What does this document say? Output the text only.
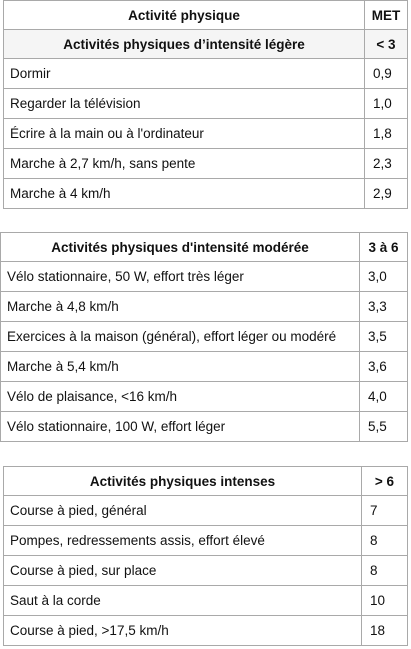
Activité physique	MET
Activités physiques d’intensité légère	< 3
Dormir	0,9
Regarder la télévision	1,0
Écrire à la main ou à l'ordinateur	1,8
Marche à 2,7 km/h, sans pente	2,3
Marche à 4 km/h	2,9
Activités physiques d'intensité modérée	3 à 6
Vélo stationnaire, 50 W, effort très léger	3,0
Marche à 4,8 km/h	3,3
Exercices à la maison (général), effort léger ou modéré	3,5
Marche à 5,4 km/h	3,6
Vélo de plaisance, <16 km/h	4,0
Vélo stationnaire, 100 W, effort léger	5,5
Activités physiques intenses	> 6
Course à pied, général	7
Pompes, redressements assis, effort élevé	8
Course à pied, sur place	8
Saut à la corde	10
Course à pied, >17,5 km/h	18
